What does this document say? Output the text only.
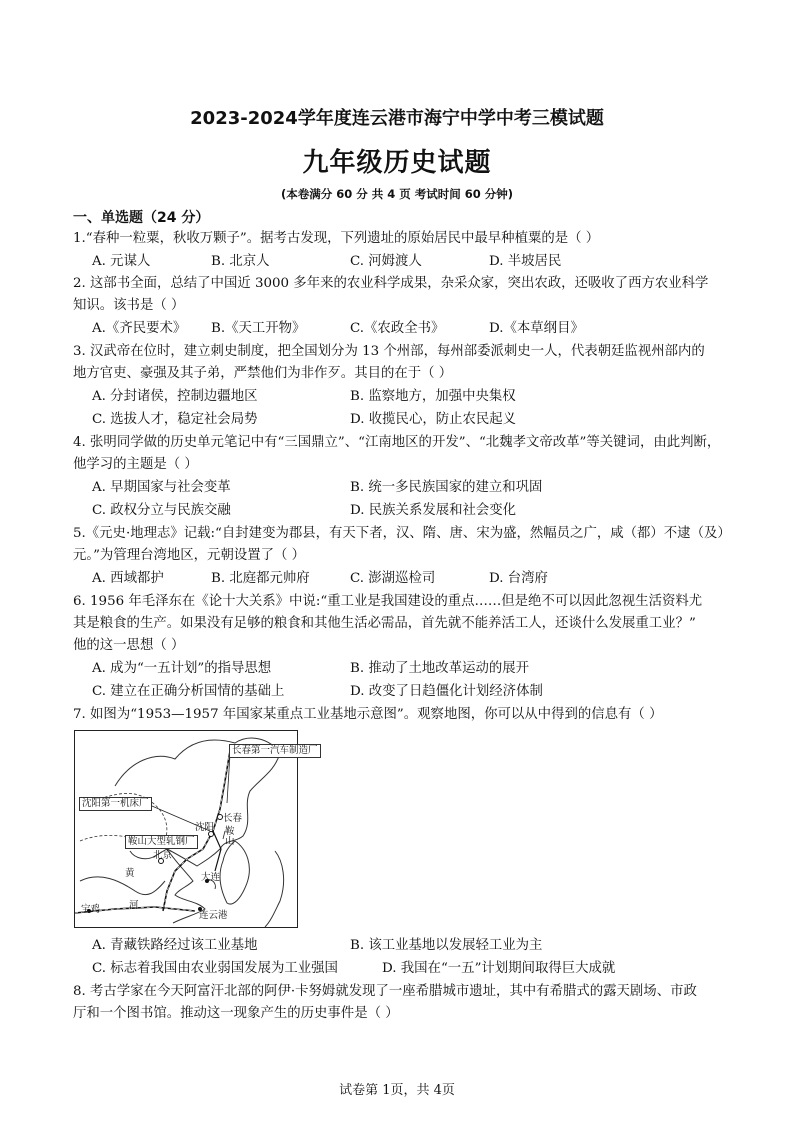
2023-2024学年度连云港市海宁中学中考三模试题
九年级历史试题
(本卷满分 60 分 共 4 页 考试时间 60 分钟)
一、单选题（24 分）
1.“春种一粒粟，秋收万颗子”。据考古发现，下列遗址的原始居民中最早种植粟的是（ ）
A. 元谋人	B. 北京人	C. 河姆渡人	D. 半坡居民
2. 这部书全面，总结了中国近 3000 多年来的农业科学成果，杂采众家，突出农政，还吸收了西方农业科学
知识。该书是（ ）
A.《齐民要术》 B.《天工开物》	C.《农政全书》	D.《本草纲目》
3. 汉武帝在位时，建立刺史制度，把全国划分为 13 个州部，每州部委派刺史一人，代表朝廷监视州部内的
地方官吏、豪强及其子弟，严禁他们为非作歹。其目的在于（ ）
A. 分封诸侯，控制边疆地区	B. 监察地方，加强中央集权
C. 选拔人才，稳定社会局势	D. 收揽民心，防止农民起义
4. 张明同学做的历史单元笔记中有“三国鼎立”、“江南地区的开发”、“北魏孝文帝改革”等关键词，由此判断，
他学习的主题是（ ）
A. 早期国家与社会变革	B. 统一多民族国家的建立和巩固
C. 政权分立与民族交融	D. 民族关系发展和社会变化
5.《元史·地理志》记载:“自封建变为郡县，有天下者，汉、隋、唐、宋为盛，然幅员之广，咸（都）不逮（及）
元。”为管理台湾地区，元朝设置了（ ）
A. 西域都护	B. 北庭都元帅府	C. 澎湖巡检司	D. 台湾府
6. 1956 年毛泽东在《论十大关系》中说:“重工业是我国建设的重点……但是绝不可以因此忽视生活资料尤
其是粮食的生产。如果没有足够的粮食和其他生活必需品，首先就不能养活工人，还谈什么发展重工业？”
他的这一思想（ ）
A. 成为“一五计划”的指导思想	B. 推动了土地改革运动的展开
C. 建立在正确分析国情的基础上	D. 改变了日趋僵化计划经济体制
7. 如图为“1953—1957 年国家某重点工业基地示意图”。观察地图，你可以从中得到的信息有（ ）
长春第一汽车制造厂
沈阳第一机床厂
鞍山大型轧钢厂
长春
沈阳 鞍山
北京
大连
黄
河
宝鸡
连云港
A. 青藏铁路经过该工业基地	B. 该工业基地以发展轻工业为主
C. 标志着我国由农业弱国发展为工业强国	D. 我国在“一五”计划期间取得巨大成就
8. 考古学家在今天阿富汗北部的阿伊·卡努姆就发现了一座希腊城市遗址，其中有希腊式的露天剧场、市政
厅和一个图书馆。推动这一现象产生的历史事件是（ ）
试卷第 1页，共 4页
